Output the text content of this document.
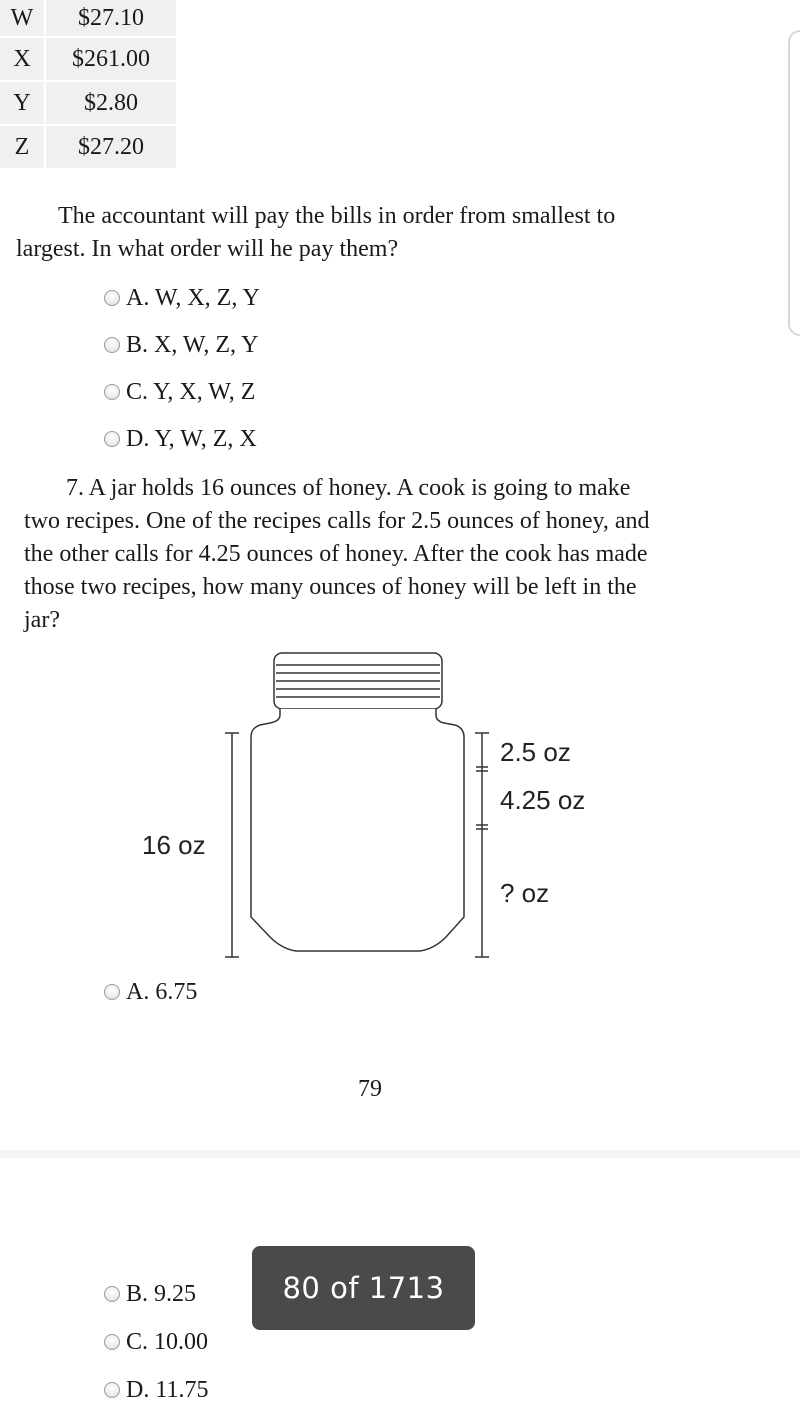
W	$27.10
X	$261.00
Y	$2.80
Z	$27.20

The accountant will pay the bills in order from smallest to

largest. In what order will he pay them?

A. W, X, Z, Y
B. X, W, Z, Y
C. Y, X, W, Z
D. Y, W, Z, X

7. A jar holds 16 ounces of honey. A cook is going to make

two recipes. One of the recipes calls for 2.5 ounces of honey, and

the other calls for 4.25 ounces of honey. After the cook has made

those two recipes, how many ounces of honey will be left in the

jar?

16 oz
2.5 oz
4.25 oz
? oz
A. 6.75
79
B. 9.25
C. 10.00
D. 11.75
80 of 1713
